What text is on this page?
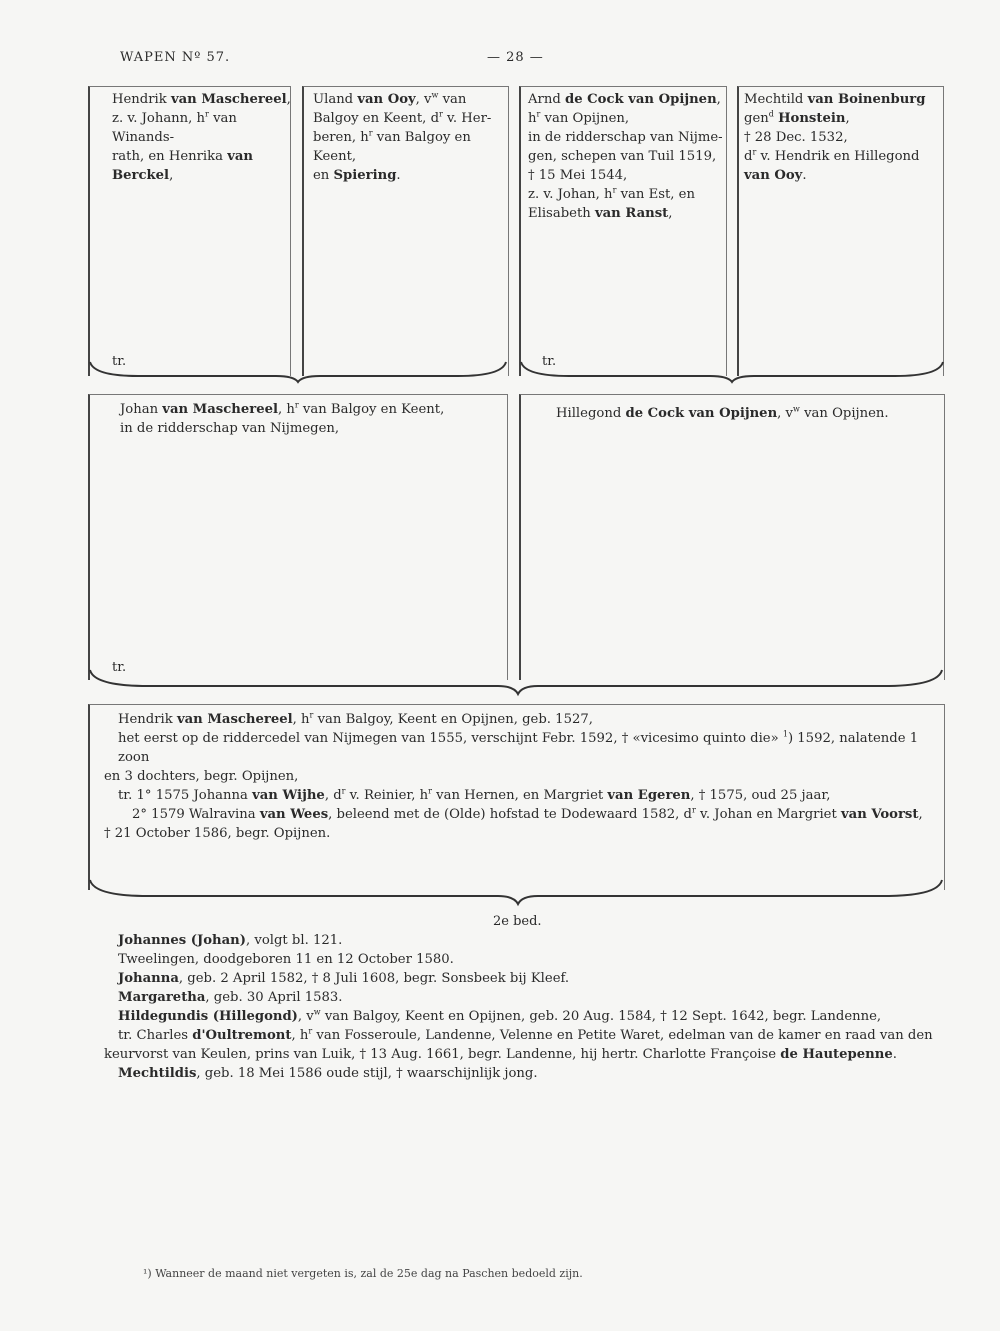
WAPEN Nº 57.	— 28 —
Hendrik van Maschereel,
z. v. Johann, $h^r$ van Winands-
rath, en Henrika van Berckel,
Uland van Ooy, $v^w$ van
Balgoy en Keent, $d^r$ v. Her-
beren, $h^r$ van Balgoy en Keent,
en Spiering.
Arnd de Cock van Opijnen,
$h^r$ van Opijnen,
in de ridderschap van Nijme-
gen, schepen van Tuil 1519,
† 15 Mei 1544,
z. v. Johan, $h^r$ van Est, en
Elisabeth van Ranst,
Mechtild van Boinenburg
gen$^d$ Honstein,
† 28 Dec. 1532,
$d^r$ v. Hendrik en Hillegond
van Ooy.
tr.	tr.
Johan van Maschereel, $h^r$ van Balgoy en Keent,
in de ridderschap van Nijmegen,
Hillegond de Cock van Opijnen, $v^w$ van Opijnen.
tr.
Hendrik van Maschereel, $h^r$ van Balgoy, Keent en Opijnen, geb. 1527,
het eerst op de riddercedel van Nijmegen van 1555, verschijnt Febr. 1592, † «vicesimo quinto die» $^1$) 1592, nalatende 1 zoon
en 3 dochters, begr. Opijnen,
tr. 1° 1575 Johanna van Wijhe, $d^r$ v. Reinier, $h^r$ van Hernen, en Margriet van Egeren, † 1575, oud 25 jaar,
2° 1579 Walravina van Wees, beleend met de (Olde) hofstad te Dodewaard 1582, $d^r$ v. Johan en Margriet van Voorst,
† 21 October 1586, begr. Opijnen.
2e bed.
Johannes (Johan), volgt bl. 121.
Tweelingen, doodgeboren 11 en 12 October 1580.
Johanna, geb. 2 April 1582, † 8 Juli 1608, begr. Sonsbeek bij Kleef.
Margaretha, geb. 30 April 1583.
Hildegundis (Hillegond), $v^w$ van Balgoy, Keent en Opijnen, geb. 20 Aug. 1584, † 12 Sept. 1642, begr. Landenne,
tr. Charles d'Oultremont, $h^r$ van Fosseroule, Landenne, Velenne en Petite Waret, edelman van de kamer en raad van den
keurvorst van Keulen, prins van Luik, † 13 Aug. 1661, begr. Landenne, hij hertr. Charlotte Françoise de Hautepenne.
Mechtildis, geb. 18 Mei 1586 oude stijl, † waarschijnlijk jong.
¹) Wanneer de maand niet vergeten is, zal de 25e dag na Paschen bedoeld zijn.
